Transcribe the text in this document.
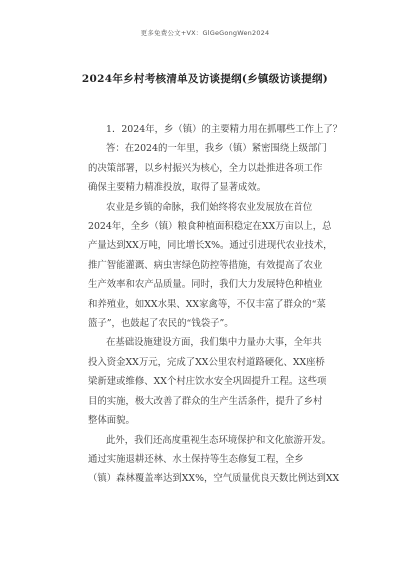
更多免费公文+VX：GlGeGongWen2024
2024年乡村考核清单及访谈提纲(乡镇级访谈提纲)

1．2024年，乡（镇）的主要精力用在抓哪些工作上了？

答：在2024的一年里，我乡（镇）紧密围绕上级部门
的决策部署，以乡村振兴为核心，全力以赴推进各项工作
确保主要精力精准投放，取得了显著成效。

农业是乡镇的命脉，我们始终将农业发展放在首位
2024年，全乡（镇）粮食种植面积稳定在XX万亩以上，总
产量达到XX万吨，同比增长X%。通过引进现代农业技术，
推广智能灌溉、病虫害绿色防控等措施，有效提高了农业
生产效率和农产品质量。同时，我们大力发展特色种植业
和养殖业，如XX水果、XX家禽等，不仅丰富了群众的“菜
篮子”，也鼓起了农民的“钱袋子”。

在基础设施建设方面，我们集中力量办大事，全年共
投入资金XX万元，完成了XX公里农村道路硬化、XX座桥
梁新建或维修、XX个村庄饮水安全巩固提升工程。这些项
目的实施，极大改善了群众的生产生活条件，提升了乡村
整体面貌。

此外，我们还高度重视生态环境保护和文化旅游开发。
通过实施退耕还林、水土保持等生态修复工程，全乡
（镇）森林覆盖率达到XX%，空气质量优良天数比例达到XX
